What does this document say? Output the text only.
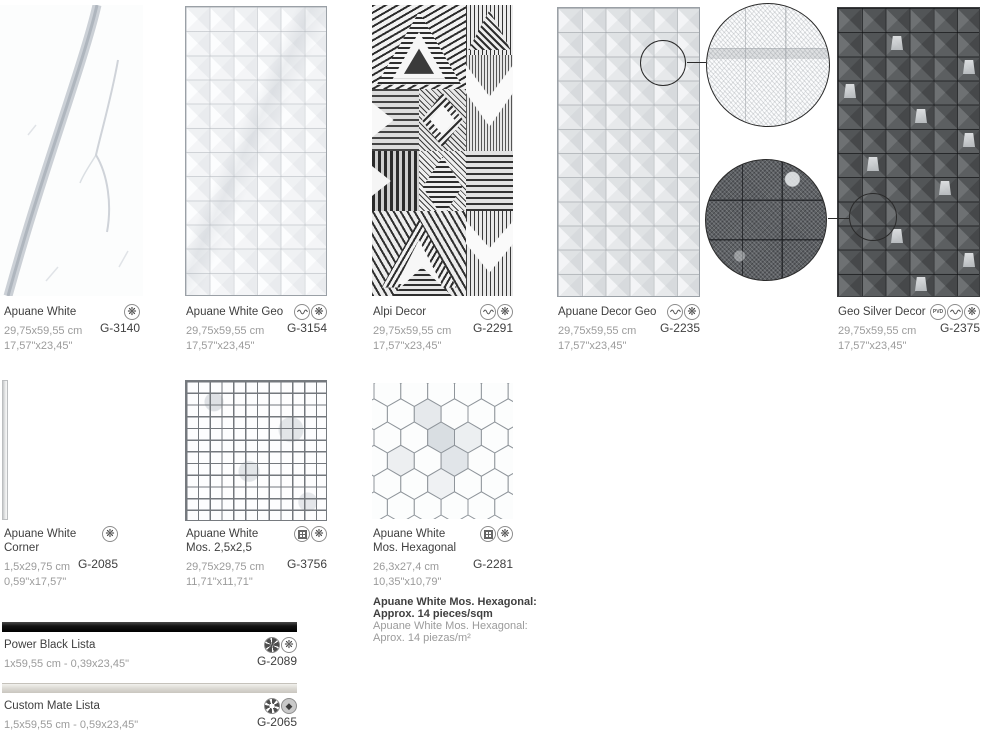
❋
Apuane White
29,75x59,55 cm G-3140
17,57"x23,45"
❋
Apuane White Geo
29,75x59,55 cm G-3154
17,57"x23,45"
❋
Alpi Decor
29,75x59,55 cm G-2291
17,57"x23,45"
❋
Apuane Decor Geo
29,75x59,55 cm G-2235
17,57"x23,45"
PVD ❋
Geo Silver Decor
29,75x59,55 cm G-2375
17,57"x23,45"
❋
Apuane White
Corner
1,5x29,75 cm G-2085
0,59"x17,57"
❋
Apuane White
Mos. 2,5x2,5
29,75x29,75 cm G-3756
11,71"x11,71"
❋
Apuane White
Mos. Hexagonal
26,3x27,4 cm	G-2281
10,35"x10,79"
Apuane White Mos. Hexagonal:
Approx. 14 pieces/sqm
Apuane White Mos. Hexagonal:
Aprox. 14 piezas/m²
❋
Power Black Lista
1x59,55 cm - 0,39x23,45"	G-2089
◆
Custom Mate Lista
1,5x59,55 cm - 0,59x23,45"	G-2065
